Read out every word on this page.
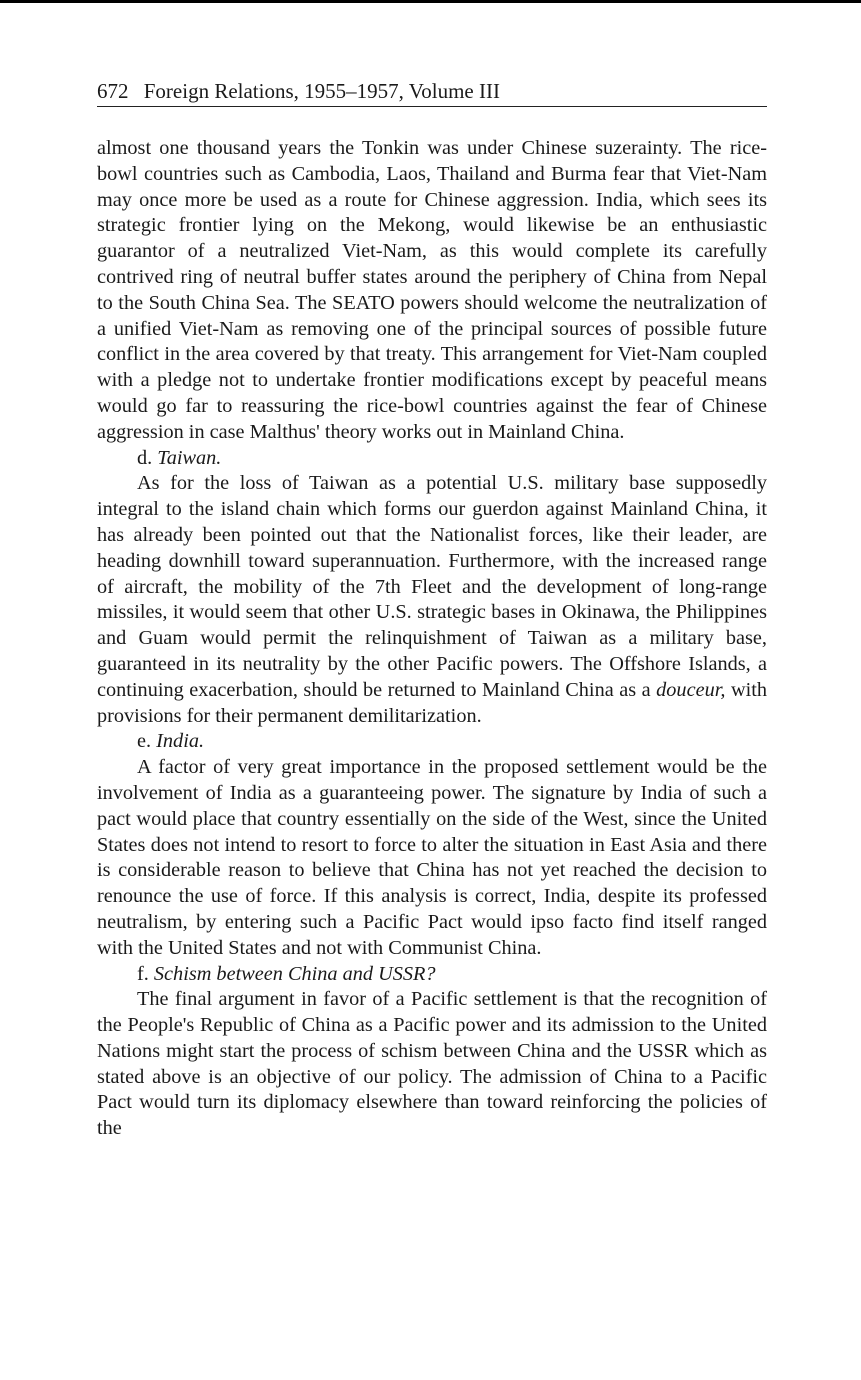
672 Foreign Relations, 1955–1957, Volume III

almost one thousand years the Tonkin was under Chinese suzerainty. The rice-bowl countries such as Cambodia, Laos, Thailand and Burma fear that Viet-Nam may once more be used as a route for Chinese aggression. India, which sees its strategic frontier lying on the Mekong, would likewise be an enthusiastic guarantor of a neutralized Viet-Nam, as this would complete its carefully contrived ring of neutral buffer states around the periphery of China from Nepal to the South China Sea. The SEATO powers should welcome the neutralization of a unified Viet-Nam as removing one of the principal sources of possible future conflict in the area covered by that treaty. This arrangement for Viet-Nam coupled with a pledge not to undertake frontier modifications except by peaceful means would go far to reassuring the rice-bowl countries against the fear of Chinese aggression in case Malthus' theory works out in Mainland China.

d. Taiwan.

As for the loss of Taiwan as a potential U.S. military base supposedly integral to the island chain which forms our guerdon against Mainland China, it has already been pointed out that the Nationalist forces, like their leader, are heading downhill toward superannuation. Furthermore, with the increased range of aircraft, the mobility of the 7th Fleet and the development of long-range missiles, it would seem that other U.S. strategic bases in Okinawa, the Philippines and Guam would permit the relinquishment of Taiwan as a military base, guaranteed in its neutrality by the other Pacific powers. The Offshore Islands, a continuing exacerbation, should be returned to Mainland China as a douceur, with provisions for their permanent demilitarization.

e. India.

A factor of very great importance in the proposed settlement would be the involvement of India as a guaranteeing power. The signature by India of such a pact would place that country essentially on the side of the West, since the United States does not intend to resort to force to alter the situation in East Asia and there is considerable reason to believe that China has not yet reached the decision to renounce the use of force. If this analysis is correct, India, despite its professed neutralism, by entering such a Pacific Pact would ipso facto find itself ranged with the United States and not with Communist China.

f. Schism between China and USSR?

The final argument in favor of a Pacific settlement is that the recognition of the People's Republic of China as a Pacific power and its admission to the United Nations might start the process of schism between China and the USSR which as stated above is an objective of our policy. The admission of China to a Pacific Pact would turn its diplomacy elsewhere than toward reinforcing the policies of the
